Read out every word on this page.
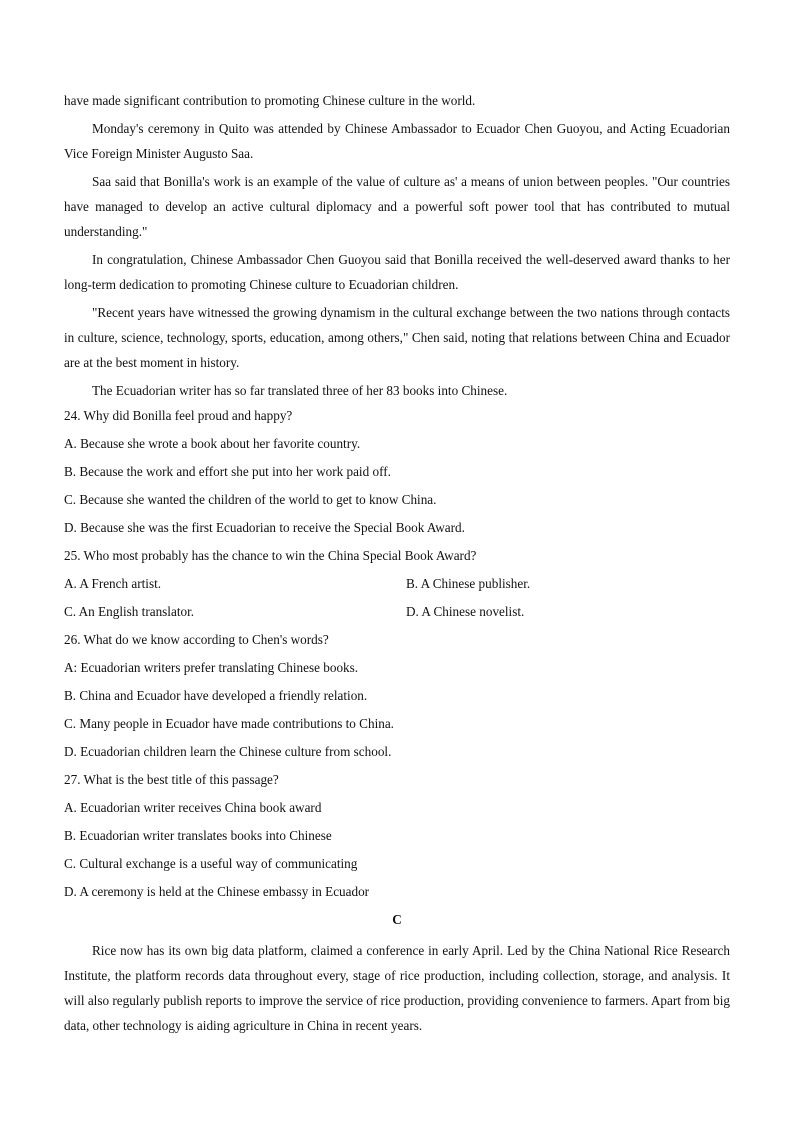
have made significant contribution to promoting Chinese culture in the world.

Monday's ceremony in Quito was attended by Chinese Ambassador to Ecuador Chen Guoyou, and Acting Ecuadorian Vice Foreign Minister Augusto Saa.

Saa said that Bonilla's work is an example of the value of culture as' a means of union between peoples. "Our countries have managed to develop an active cultural diplomacy and a powerful soft power tool that has contributed to mutual understanding."

In congratulation, Chinese Ambassador Chen Guoyou said that Bonilla received the well-deserved award thanks to her long-term dedication to promoting Chinese culture to Ecuadorian children.

"Recent years have witnessed the growing dynamism in the cultural exchange between the two nations through contacts in culture, science, technology, sports, education, among others," Chen said, noting that relations between China and Ecuador are at the best moment in history.

The Ecuadorian writer has so far translated three of her 83 books into Chinese.

24. Why did Bonilla feel proud and happy?

A. Because she wrote a book about her favorite country.

B. Because the work and effort she put into her work paid off.

C. Because she wanted the children of the world to get to know China.

D. Because she was the first Ecuadorian to receive the Special Book Award.

25. Who most probably has the chance to win the China Special Book Award?

A. A French artist.	B. A Chinese publisher.

C. An English translator.	D. A Chinese novelist.

26. What do we know according to Chen's words?

A: Ecuadorian writers prefer translating Chinese books.

B. China and Ecuador have developed a friendly relation.

C. Many people in Ecuador have made contributions to China.

D. Ecuadorian children learn the Chinese culture from school.

27. What is the best title of this passage?

A. Ecuadorian writer receives China book award

B. Ecuadorian writer translates books into Chinese

C. Cultural exchange is a useful way of communicating

D. A ceremony is held at the Chinese embassy in Ecuador

C

Rice now has its own big data platform, claimed a conference in early April. Led by the China National Rice Research Institute, the platform records data throughout every, stage of rice production, including collection, storage, and analysis. It will also regularly publish reports to improve the service of rice production, providing convenience to farmers. Apart from big data, other technology is aiding agriculture in China in recent years.
